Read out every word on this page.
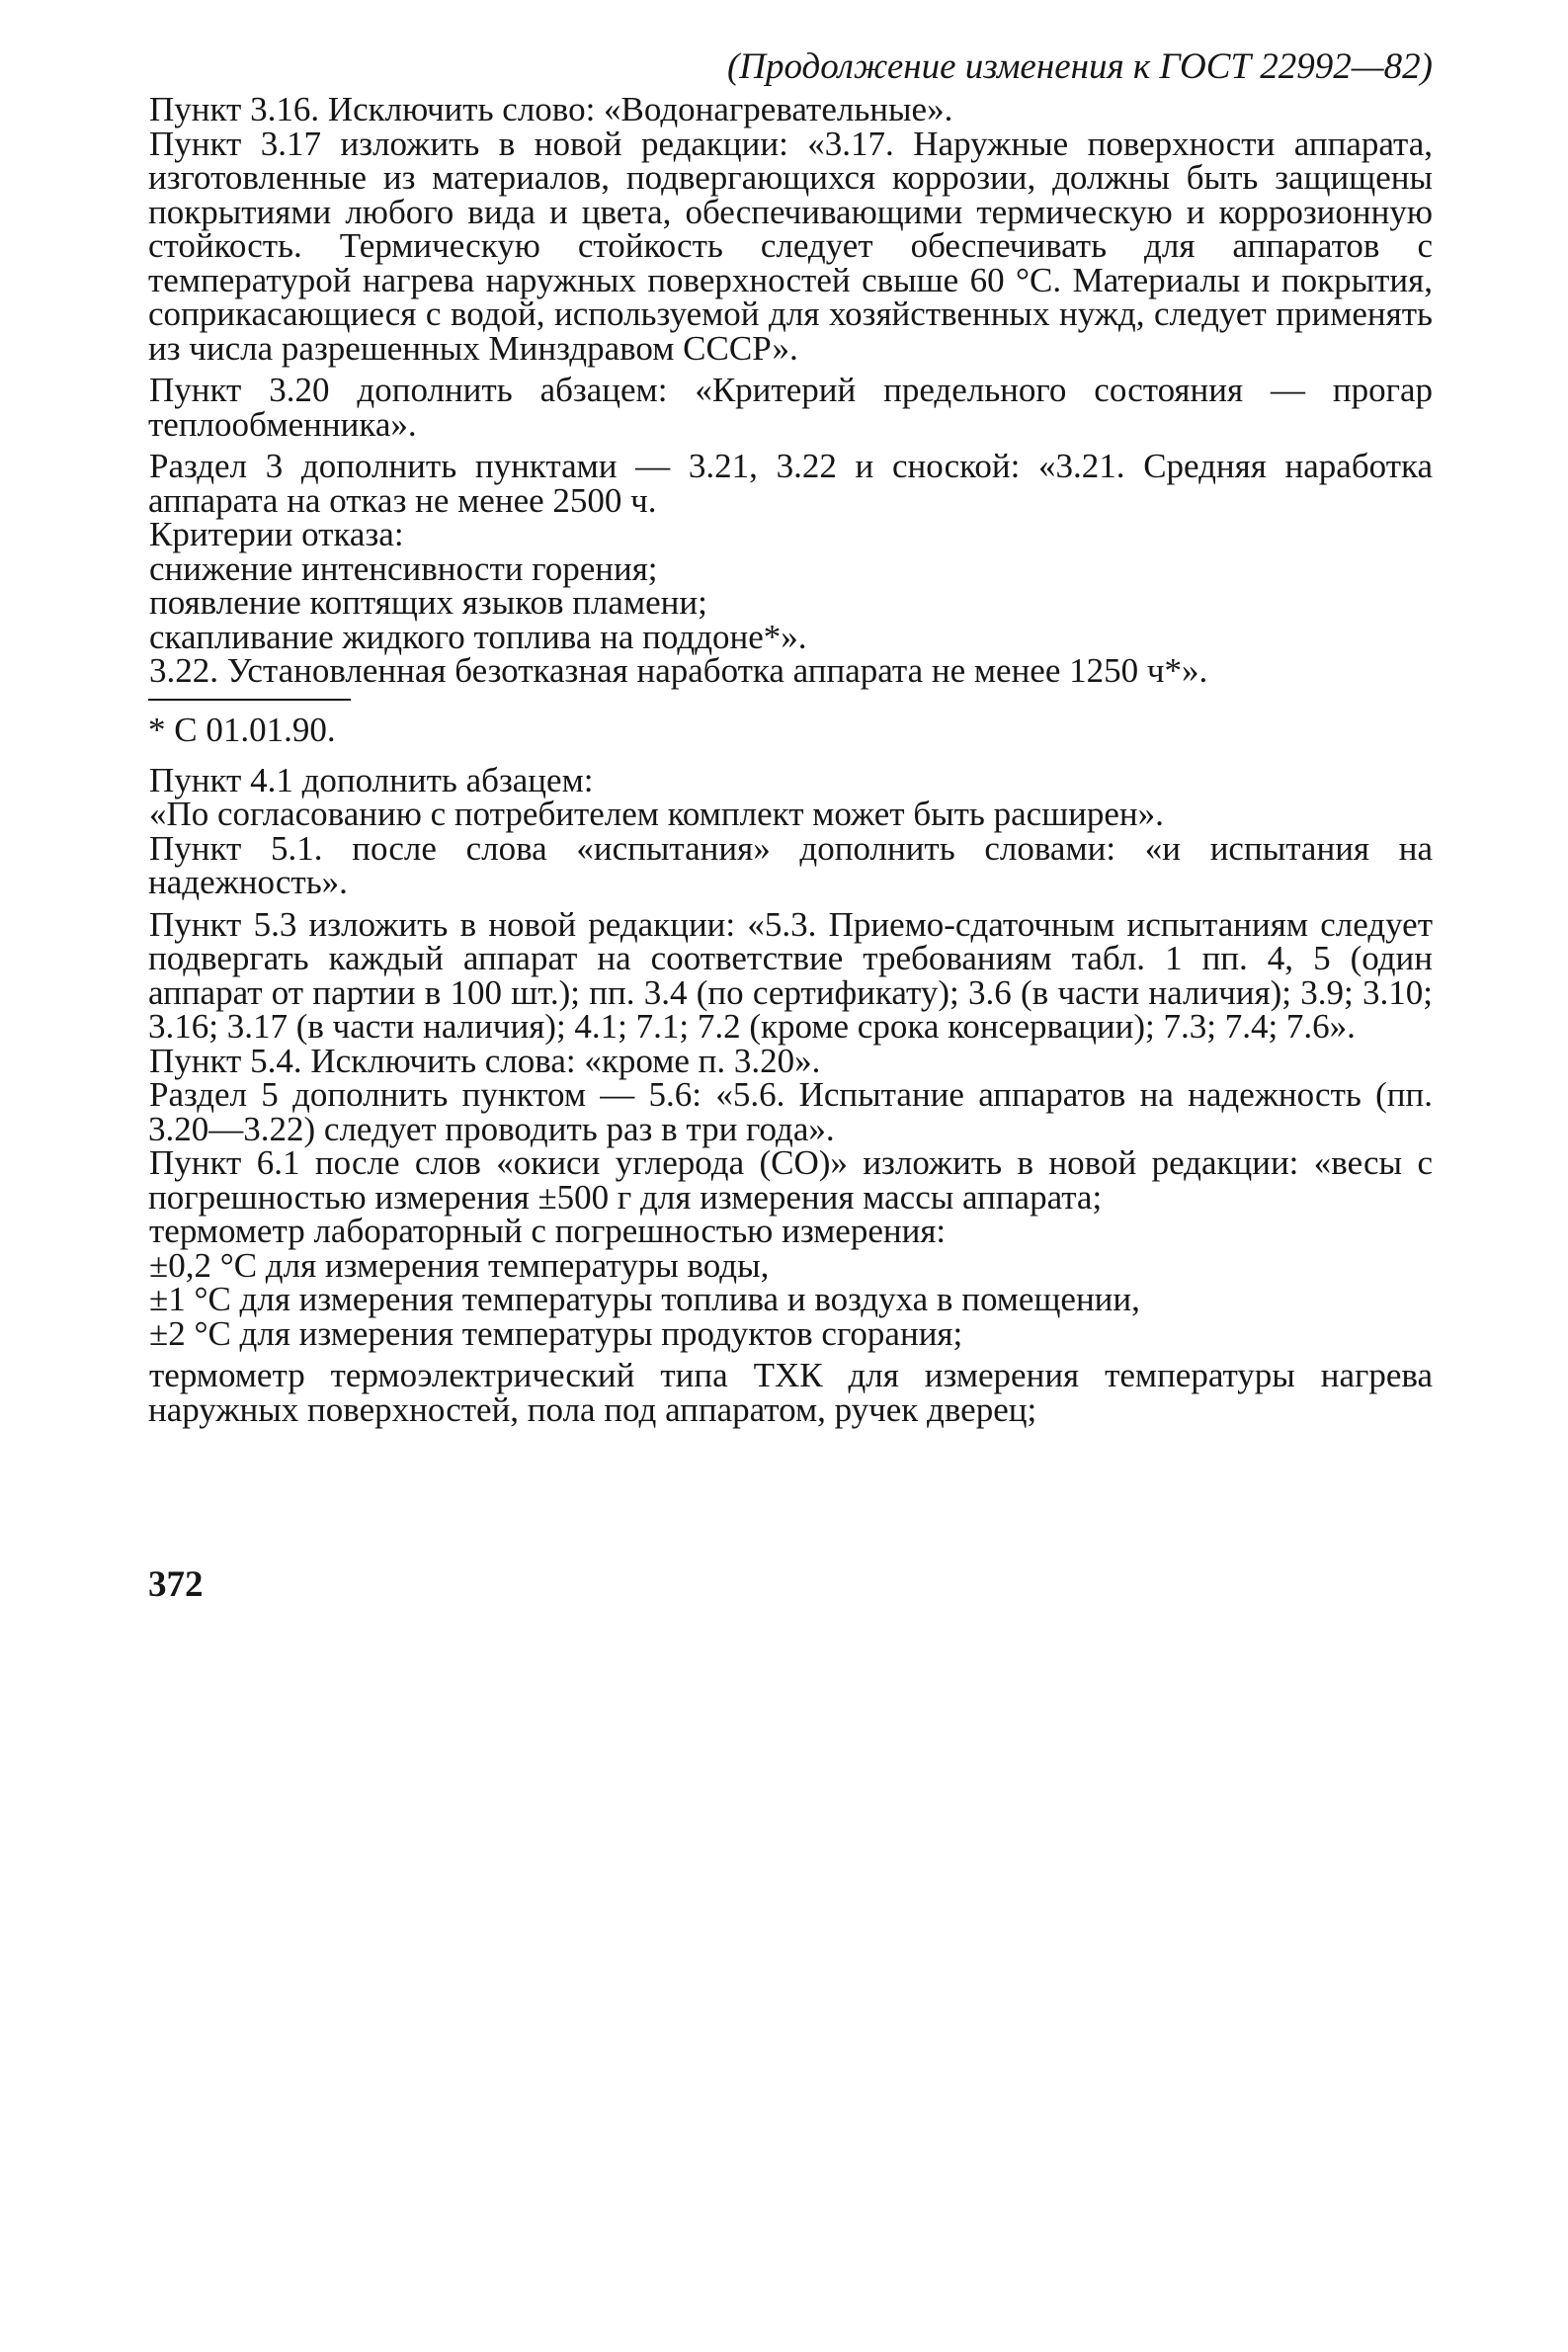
(Продолжение изменения к ГОСТ 22992—82)

Пункт 3.16. Исключить слово: «Водонагревательные».

Пункт 3.17 изложить в новой редакции: «3.17. Наружные поверхности аппарата, изготовленные из материалов, подвергающихся коррозии, должны быть защищены покрытиями любого вида и цвета, обеспечивающими термическую и коррозионную стойкость. Термическую стойкость следует обеспечивать для аппаратов с температурой нагрева наружных поверхностей свыше 60 °С. Материалы и покрытия, соприкасающиеся с водой, используемой для хозяйственных нужд, следует применять из числа разрешенных Минздравом СССР».

Пункт 3.20 дополнить абзацем: «Критерий предельного состояния — прогар теплообменника».

Раздел 3 дополнить пунктами — 3.21, 3.22 и сноской: «3.21. Средняя наработка аппарата на отказ не менее 2500 ч.

Критерии отказа:

снижение интенсивности горения;

появление коптящих языков пламени;

скапливание жидкого топлива на поддоне*».

3.22. Установленная безотказная наработка аппарата не менее 1250 ч*».

* С 01.01.90.

Пункт 4.1 дополнить абзацем:

«По согласованию с потребителем комплект может быть расширен».

Пункт 5.1. после слова «испытания» дополнить словами: «и испытания на надежность».

Пункт 5.3 изложить в новой редакции: «5.3. Приемо-сдаточным испытаниям следует подвергать каждый аппарат на соответствие требованиям табл. 1 пп. 4, 5 (один аппарат от партии в 100 шт.); пп. 3.4 (по сертификату); 3.6 (в части наличия); 3.9; 3.10; 3.16; 3.17 (в части наличия); 4.1; 7.1; 7.2 (кроме срока консервации); 7.3; 7.4; 7.6».

Пункт 5.4. Исключить слова: «кроме п. 3.20».

Раздел 5 дополнить пунктом — 5.6: «5.6. Испытание аппаратов на надежность (пп. 3.20—3.22) следует проводить раз в три года».

Пункт 6.1 после слов «окиси углерода (СО)» изложить в новой редакции: «весы с погрешностью измерения ±500 г для измерения массы аппарата;

термометр лабораторный с погрешностью измерения:

±0,2 °С для измерения температуры воды,

±1 °С для измерения температуры топлива и воздуха в помещении,

±2 °С для измерения температуры продуктов сгорания;

термометр термоэлектрический типа ТХК для измерения температуры нагрева наружных поверхностей, пола под аппаратом, ручек дверец;

372
